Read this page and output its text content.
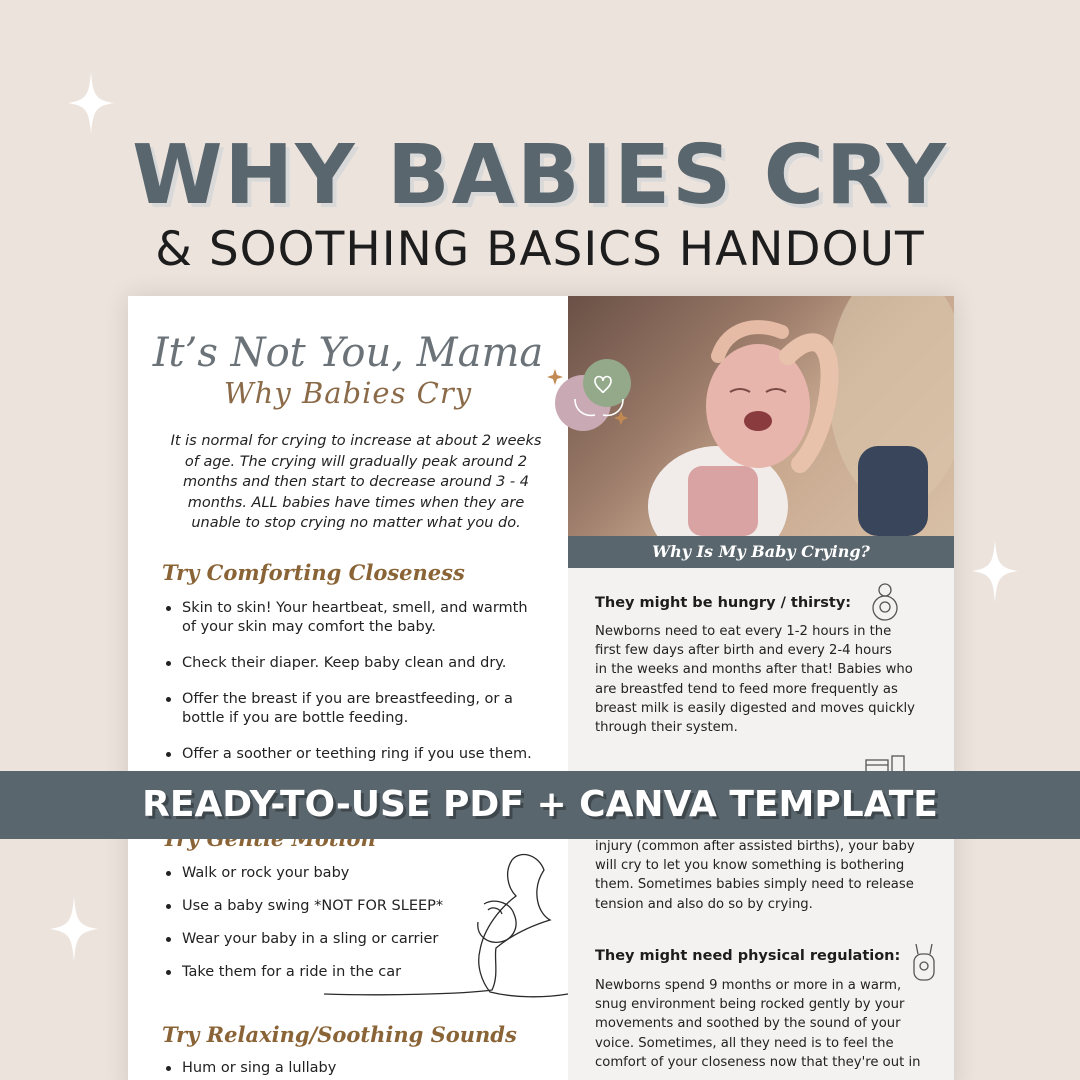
WHY BABIES CRY
& SOOTHING BASICS HANDOUT
It’s Not You, Mama
Why Babies Cry
It is normal for crying to increase at about 2 weeks
of age. The crying will gradually peak around 2
months and then start to decrease around 3 - 4
months. ALL babies have times when they are
unable to stop crying no matter what you do.
Try Comforting Closeness
Skin to skin! Your heartbeat, smell, and warmth
of your skin may comfort the baby.
Check their diaper. Keep baby clean and dry.
Offer the breast if you are breastfeeding, or a
bottle if you are bottle feeding.
Offer a soother or teething ring if you use them.
Walk or rock your baby
Use a baby swing *NOT FOR SLEEP*
Wear your baby in a sling or carrier
Take them for a ride in the car
Try Relaxing/Soothing Sounds
Hum or sing a lullaby
Why Is My Baby Crying?
They might be hungry / thirsty:
Newborns need to eat every 1-2 hours in the
first few days after birth and every 2-4 hours
in the weeks and months after that! Babies who
are breastfed tend to feed more frequently as
breast milk is easily digested and moves quickly
through their system.
injury (common after assisted births), your baby
will cry to let you know something is bothering
them. Sometimes babies simply need to release
tension and also do so by crying.
They might need physical regulation:
Newborns spend 9 months or more in a warm,
snug environment being rocked gently by your
movements and soothed by the sound of your
voice. Sometimes, all they need is to feel the
comfort of your closeness now that they're out in
READY-TO-USE PDF + CANVA TEMPLATE
